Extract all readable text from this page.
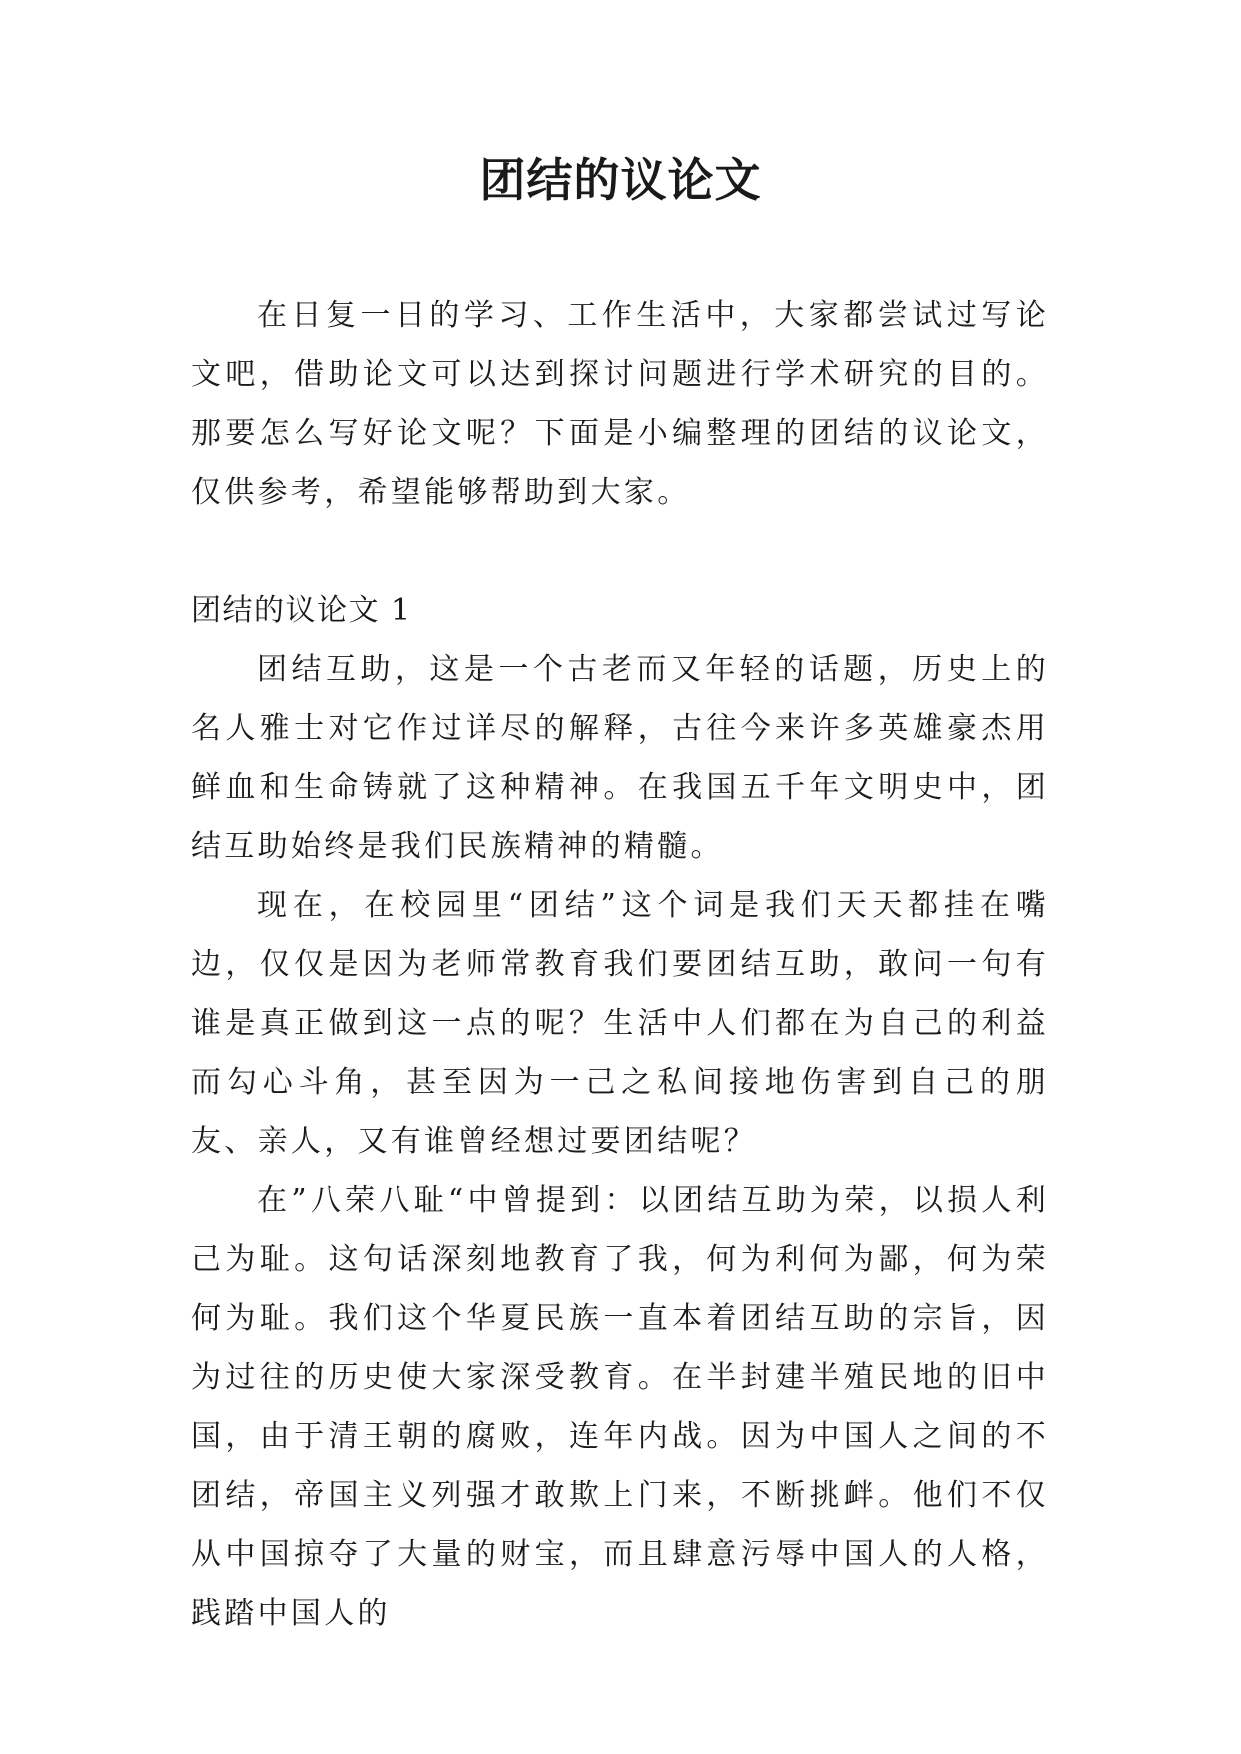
团结的议论文

在日复一日的学习、工作生活中，大家都尝试过写论文吧，借助论文可以达到探讨问题进行学术研究的目的。那要怎么写好论文呢？下面是小编整理的团结的议论文，仅供参考，希望能够帮助到大家。

团结的议论文 1

团结互助，这是一个古老而又年轻的话题，历史上的名人雅士对它作过详尽的解释，古往今来许多英雄豪杰用鲜血和生命铸就了这种精神。在我国五千年文明史中，团结互助始终是我们民族精神的精髓。

现在，在校园里“团结”这个词是我们天天都挂在嘴边，仅仅是因为老师常教育我们要团结互助，敢问一句有谁是真正做到这一点的呢？生活中人们都在为自己的利益而勾心斗角，甚至因为一己之私间接地伤害到自己的朋友、亲人，又有谁曾经想过要团结呢？

在”八荣八耻“中曾提到：以团结互助为荣，以损人利己为耻。这句话深刻地教育了我，何为利何为鄙，何为荣何为耻。我们这个华夏民族一直本着团结互助的宗旨，因为过往的历史使大家深受教育。在半封建半殖民地的旧中国，由于清王朝的腐败，连年内战。因为中国人之间的不团结，帝国主义列强才敢欺上门来，不断挑衅。他们不仅从中国掠夺了大量的财宝，而且肆意污辱中国人的人格，践踏中国人的
